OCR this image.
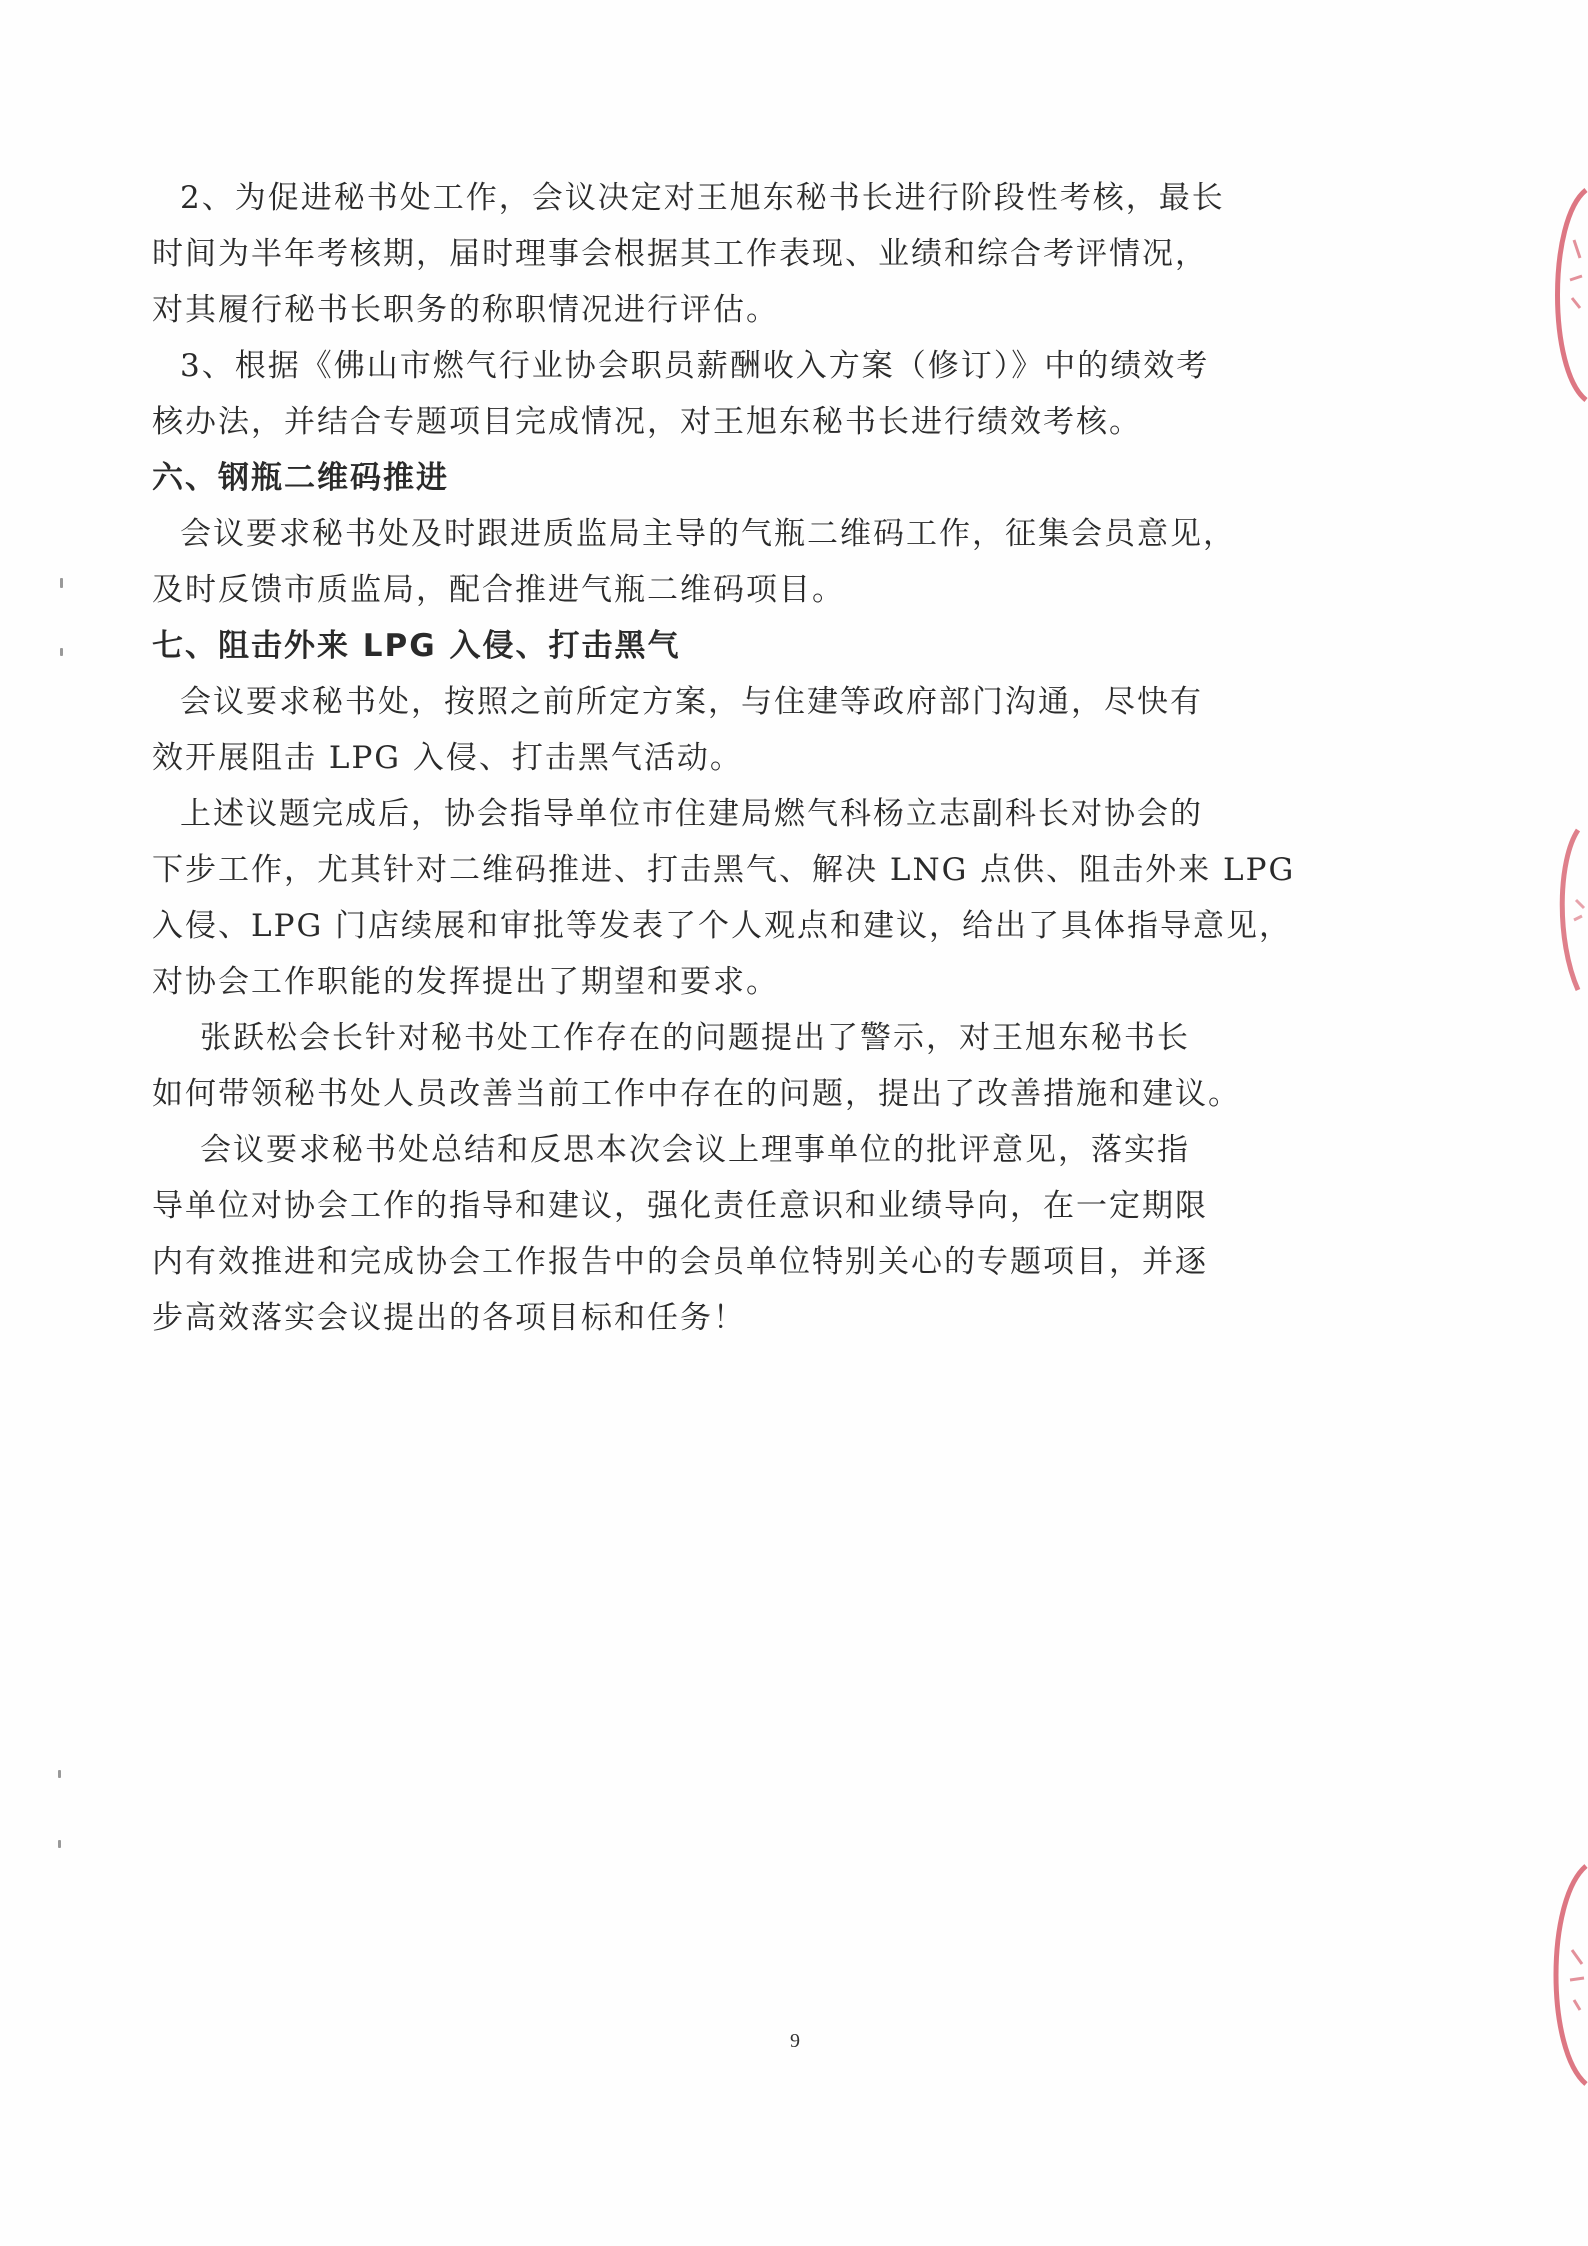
2、为促进秘书处工作，会议决定对王旭东秘书长进行阶段性考核，最长
时间为半年考核期，届时理事会根据其工作表现、业绩和综合考评情况，
对其履行秘书长职务的称职情况进行评估。
3、根据《佛山市燃气行业协会职员薪酬收入方案（修订）》中的绩效考
核办法，并结合专题项目完成情况，对王旭东秘书长进行绩效考核。
六、钢瓶二维码推进
会议要求秘书处及时跟进质监局主导的气瓶二维码工作，征集会员意见，
及时反馈市质监局，配合推进气瓶二维码项目。
七、阻击外来 LPG 入侵、打击黑气
会议要求秘书处，按照之前所定方案，与住建等政府部门沟通，尽快有
效开展阻击 LPG 入侵、打击黑气活动。
上述议题完成后，协会指导单位市住建局燃气科杨立志副科长对协会的
下步工作，尤其针对二维码推进、打击黑气、解决 LNG 点供、阻击外来 LPG
入侵、LPG 门店续展和审批等发表了个人观点和建议，给出了具体指导意见，
对协会工作职能的发挥提出了期望和要求。
张跃松会长针对秘书处工作存在的问题提出了警示，对王旭东秘书长
如何带领秘书处人员改善当前工作中存在的问题，提出了改善措施和建议。
会议要求秘书处总结和反思本次会议上理事单位的批评意见，落实指
导单位对协会工作的指导和建议，强化责任意识和业绩导向，在一定期限
内有效推进和完成协会工作报告中的会员单位特别关心的专题项目，并逐
步高效落实会议提出的各项目标和任务！
9
